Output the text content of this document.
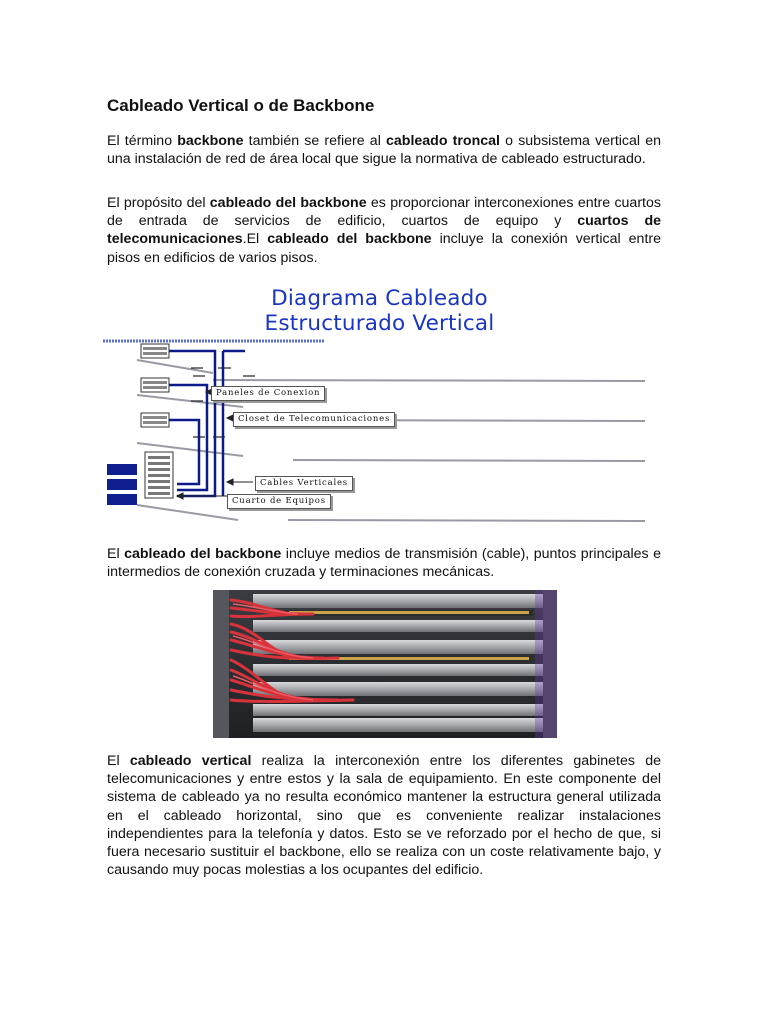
Cableado Vertical o de Backbone

El término backbone también se refiere al cableado troncal o subsistema vertical en una instalación de red de área local que sigue la normativa de cableado estructurado.

El propósito del cableado del backbone es proporcionar interconexiones entre cuartos de entrada de servicios de edificio, cuartos de equipo y cuartos de telecomunicaciones.El cableado del backbone incluye la conexión vertical entre pisos en edificios de varios pisos.

Diagrama Cableado
Estructurado Vertical
Paneles de Conexion
Closet de Telecomunicaciones
Cables Verticales
Cuarto de Equipos

El cableado del backbone incluye medios de transmisión (cable), puntos principales e intermedios de conexión cruzada y terminaciones mecánicas.

El cableado vertical realiza la interconexión entre los diferentes gabinetes de telecomunicaciones y entre estos y la sala de equipamiento. En este componente del sistema de cableado ya no resulta económico mantener la estructura general utilizada en el cableado horizontal, sino que es conveniente realizar instalaciones independientes para la telefonía y datos. Esto se ve reforzado por el hecho de que, si fuera necesario sustituir el backbone, ello se realiza con un coste relativamente bajo, y causando muy pocas molestias a los ocupantes del edificio.
